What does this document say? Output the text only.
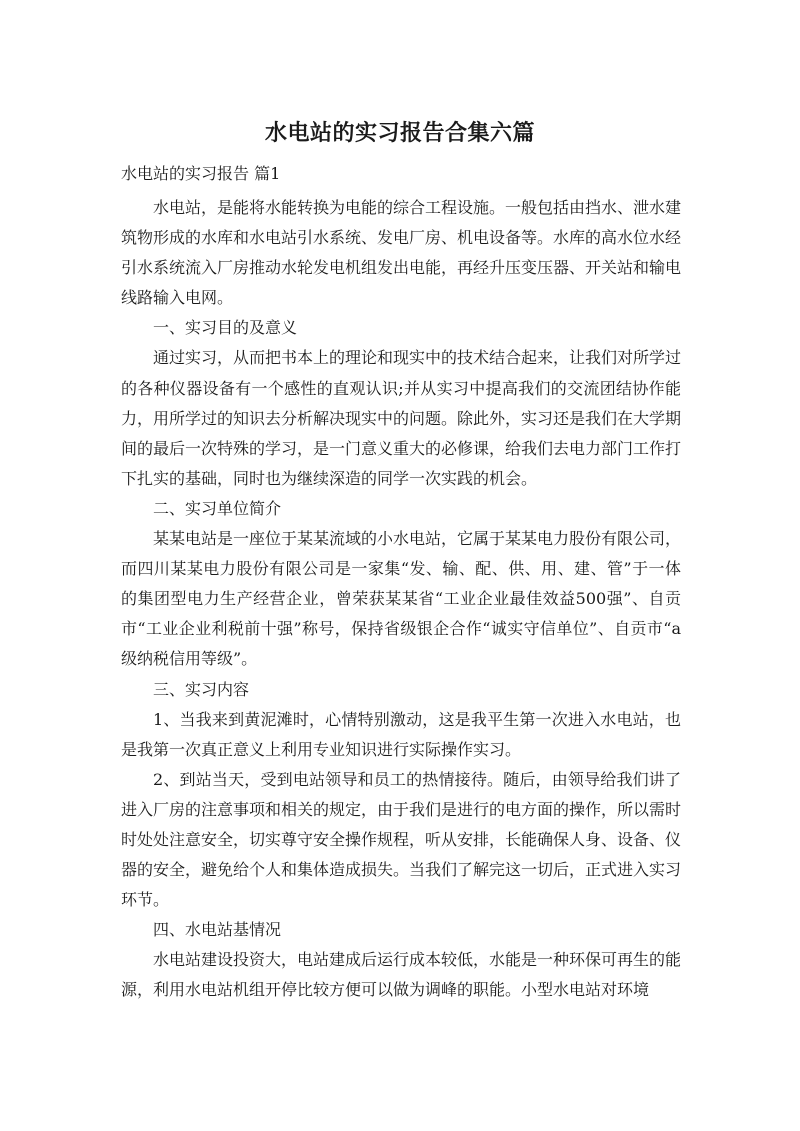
水电站的实习报告合集六篇
水电站的实习报告 篇1

水电站，是能将水能转换为电能的综合工程设施。一般包括由挡水、泄水建筑物形成的水库和水电站引水系统、发电厂房、机电设备等。水库的高水位水经引水系统流入厂房推动水轮发电机组发出电能，再经升压变压器、开关站和输电线路输入电网。

一、实习目的及意义

通过实习，从而把书本上的理论和现实中的技术结合起来，让我们对所学过的各种仪器设备有一个感性的直观认识;并从实习中提高我们的交流团结协作能力，用所学过的知识去分析解决现实中的问题。除此外，实习还是我们在大学期间的最后一次特殊的学习，是一门意义重大的必修课，给我们去电力部门工作打下扎实的基础，同时也为继续深造的同学一次实践的机会。

二、实习单位简介

某某电站是一座位于某某流域的小水电站，它属于某某电力股份有限公司，而四川某某电力股份有限公司是一家集“发、输、配、供、用、建、管”于一体的集团型电力生产经营企业，曾荣获某某省“工业企业最佳效益500强”、自贡市“工业企业利税前十强”称号，保持省级银企合作“诚实守信单位”、自贡市“a级纳税信用等级”。

三、实习内容

1、当我来到黄泥滩时，心情特别激动，这是我平生第一次进入水电站，也是我第一次真正意义上利用专业知识进行实际操作实习。

2、到站当天，受到电站领导和员工的热情接待。随后，由领导给我们讲了进入厂房的注意事项和相关的规定，由于我们是进行的电方面的操作，所以需时时处处注意安全，切实尊守安全操作规程，听从安排，长能确保人身、设备、仪器的安全，避免给个人和集体造成损失。当我们了解完这一切后，正式进入实习环节。

四、水电站基情况

水电站建设投资大，电站建成后运行成本较低，水能是一种环保可再生的能源，利用水电站机组开停比较方便可以做为调峰的职能。小型水电站对环境
